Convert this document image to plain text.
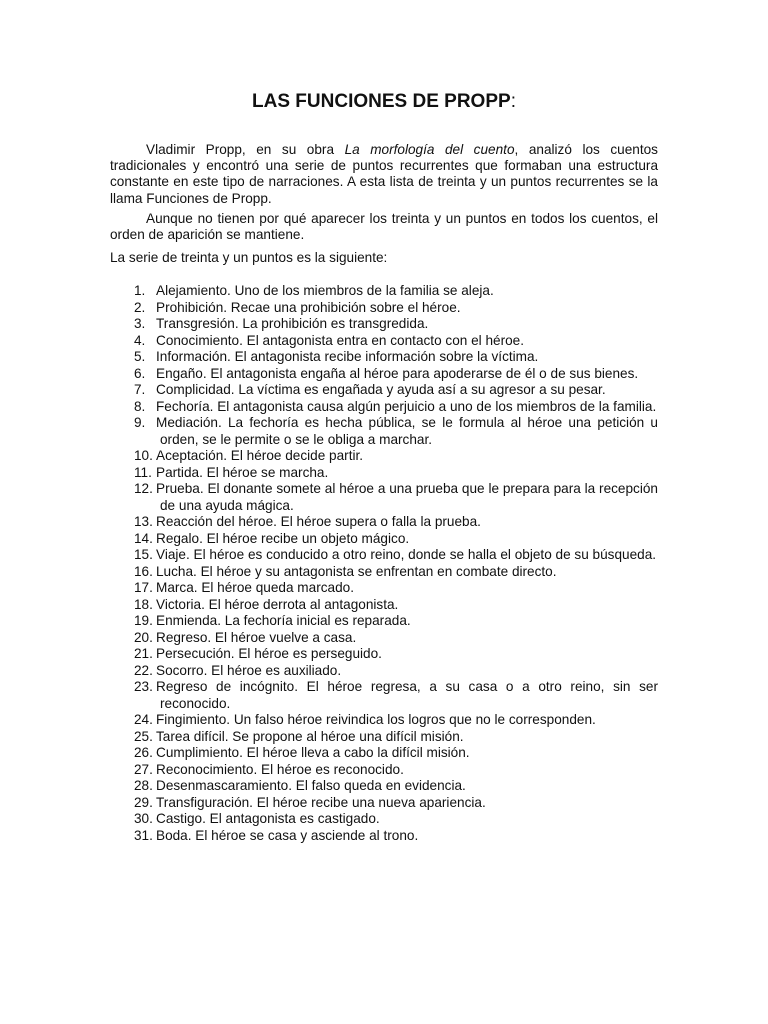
LAS FUNCIONES DE PROPP:

Vladimir Propp, en su obra La morfología del cuento, analizó los cuentos tradicionales y encontró una serie de puntos recurrentes que formaban una estructura constante en este tipo de narraciones. A esta lista de treinta y un puntos recurrentes se la llama Funciones de Propp.

Aunque no tienen por qué aparecer los treinta y un puntos en todos los cuentos, el orden de aparición se mantiene.

La serie de treinta y un puntos es la siguiente:

1. Alejamiento. Uno de los miembros de la familia se aleja.
2. Prohibición. Recae una prohibición sobre el héroe.
3. Transgresión. La prohibición es transgredida.
4. Conocimiento. El antagonista entra en contacto con el héroe.
5. Información. El antagonista recibe información sobre la víctima.
6. Engaño. El antagonista engaña al héroe para apoderarse de él o de sus bienes.
7. Complicidad. La víctima es engañada y ayuda así a su agresor a su pesar.
8. Fechoría. El antagonista causa algún perjuicio a uno de los miembros de la familia.
9. Mediación. La fechoría es hecha pública, se le formula al héroe una petición u orden, se le permite o se le obliga a marchar.
10. Aceptación. El héroe decide partir.
11. Partida. El héroe se marcha.
12. Prueba. El donante somete al héroe a una prueba que le prepara para la recepción de una ayuda mágica.
13. Reacción del héroe. El héroe supera o falla la prueba.
14. Regalo. El héroe recibe un objeto mágico.
15. Viaje. El héroe es conducido a otro reino, donde se halla el objeto de su búsqueda.
16. Lucha. El héroe y su antagonista se enfrentan en combate directo.
17. Marca. El héroe queda marcado.
18. Victoria. El héroe derrota al antagonista.
19. Enmienda. La fechoría inicial es reparada.
20. Regreso. El héroe vuelve a casa.
21. Persecución. El héroe es perseguido.
22. Socorro. El héroe es auxiliado.
23. Regreso de incógnito. El héroe regresa, a su casa o a otro reino, sin ser reconocido.
24. Fingimiento. Un falso héroe reivindica los logros que no le corresponden.
25. Tarea difícil. Se propone al héroe una difícil misión.
26. Cumplimiento. El héroe lleva a cabo la difícil misión.
27. Reconocimiento. El héroe es reconocido.
28. Desenmascaramiento. El falso queda en evidencia.
29. Transfiguración. El héroe recibe una nueva apariencia.
30. Castigo. El antagonista es castigado.
31. Boda. El héroe se casa y asciende al trono.
